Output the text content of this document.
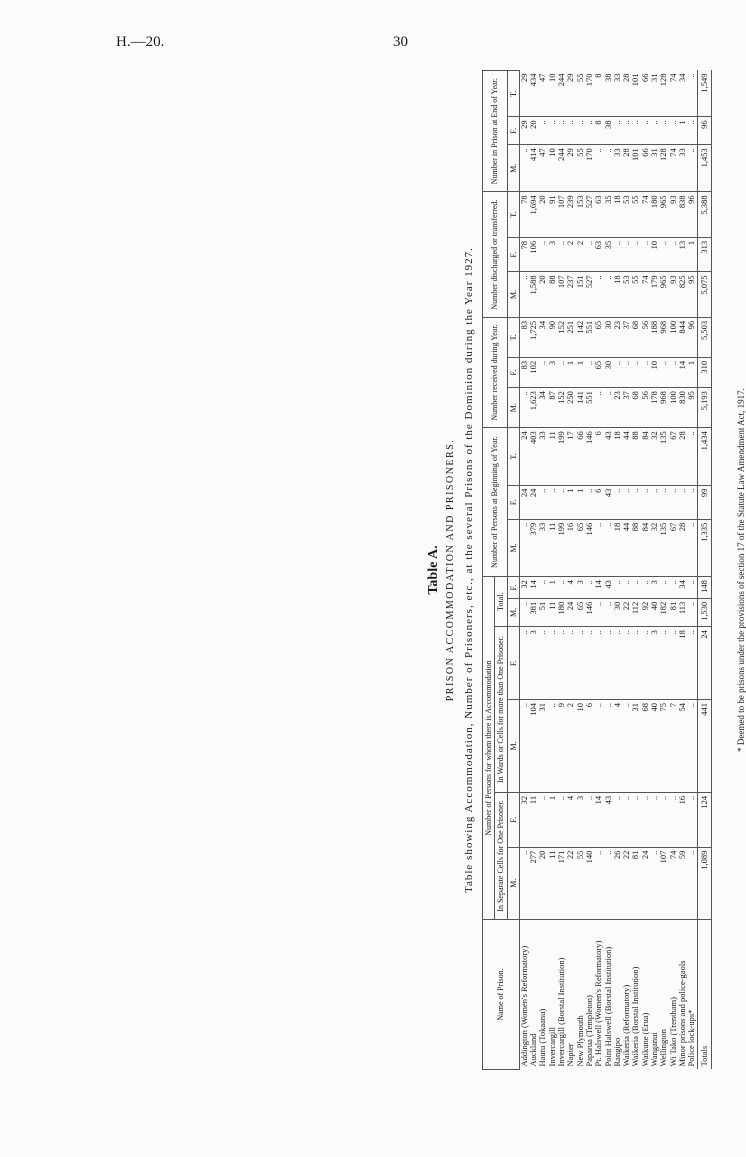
H.—20.	30
Table A. PRISON ACCOMMODATION AND PRISONERS. Table showing Accommodation, Number of Prisoners, etc., at the several Prisons of the Dominion during the Year 1927.
Name of Prison.	Number of Persons for whom there is Accommodation						Number of Persons at Beginning of Year.			Number received during Year.			Number discharged or transferred.			Number in Prison at End of Year.		
	In Separate Cells for One Prisoner.		In Wards or Cells for more than One Prisoner.		Total.													
	M.	F.	M.	F.	M.	F.	M.	F.	T.	M.	F.	T.	M.	F.	T.	M.	F.	T.
Addington (Women's Reformatory)	..	32	..	..	..	32	..	24	24	..	83	83	..	78	78	..	29	29
Auckland	277	11	104	3	381	14	379	24	403	1,623	102	1,725	1,588	106	1,694	414	20	434
Hautu (Tokaanu)	20	..	31	..	51	..	33	..	33	34	..	34	20	..	20	47	..	47
Invercargill	11	1	..	..	11	1	11	..	11	87	3	90	88	3	91	10	..	10
Invercargill (Borstal Institution)	171	..	9	..	180	..	199	..	199	152	..	152	107	..	107	244	..	244
Napier	22	4	2	..	24	4	16	1	17	250	1	251	237	2	239	29	..	29
New Plymouth	55	3	10	..	65	3	65	1	66	141	1	142	151	2	153	55	..	55
Paparua (Templeton)	140	..	6	..	146	..	146	..	146	551	..	551	527	..	527	170	..	170
Pt. Halswell (Women's Reformatory)	..	14	..	..	..	14	..	6	6	..	65	65	..	63	63	..	8	8
Point Halswell (Borstal Institution)	..	43	..	..	..	43	..	43	43	..	30	30	..	35	35	..	38	38
Rangipo	26	..	4	..	30	..	18	..	18	23	..	23	18	..	18	33	..	33
Waikeria (Reformatory)	22	..	..	..	22	..	44	..	44	37	..	37	53	..	53	28	..	28
Waikeria (Borstal Institution)	81	..	31	..	112	..	88	..	88	68	..	68	55	..	55	101	..	101
Waikune (Erua)	24	..	68	..	92	..	84	..	84	56	..	56	74	..	74	66	..	66
Wanganui	..	..	40	3	40	3	32	..	32	178	10	188	179	10	180	31	..	31
Wellington	107	..	75	..	182	..	135	..	135	968	..	968	965	..	965	128	..	128
Wi Tako (Trentham)	74	..	7	..	81	..	67	..	67	100	..	100	93	..	93	74	..	74
Minor prisons and police-gaols	59	16	54	18	113	34	28	..	28	830	14	844	825	13	838	33	1	34
Police lock-ups*	..	..	..	..	..	..	..	..	..	95	1	96	95	1	96	..	..	..
Totals	1,089	124	441	24	1,530	148	1,335	99	1,434	5,193	310	5,503	5,075	313	5,388	1,453	96	1,549
* Deemed to be prisons under the provisions of section 17 of the Statute Law Amendment Act, 1917.
